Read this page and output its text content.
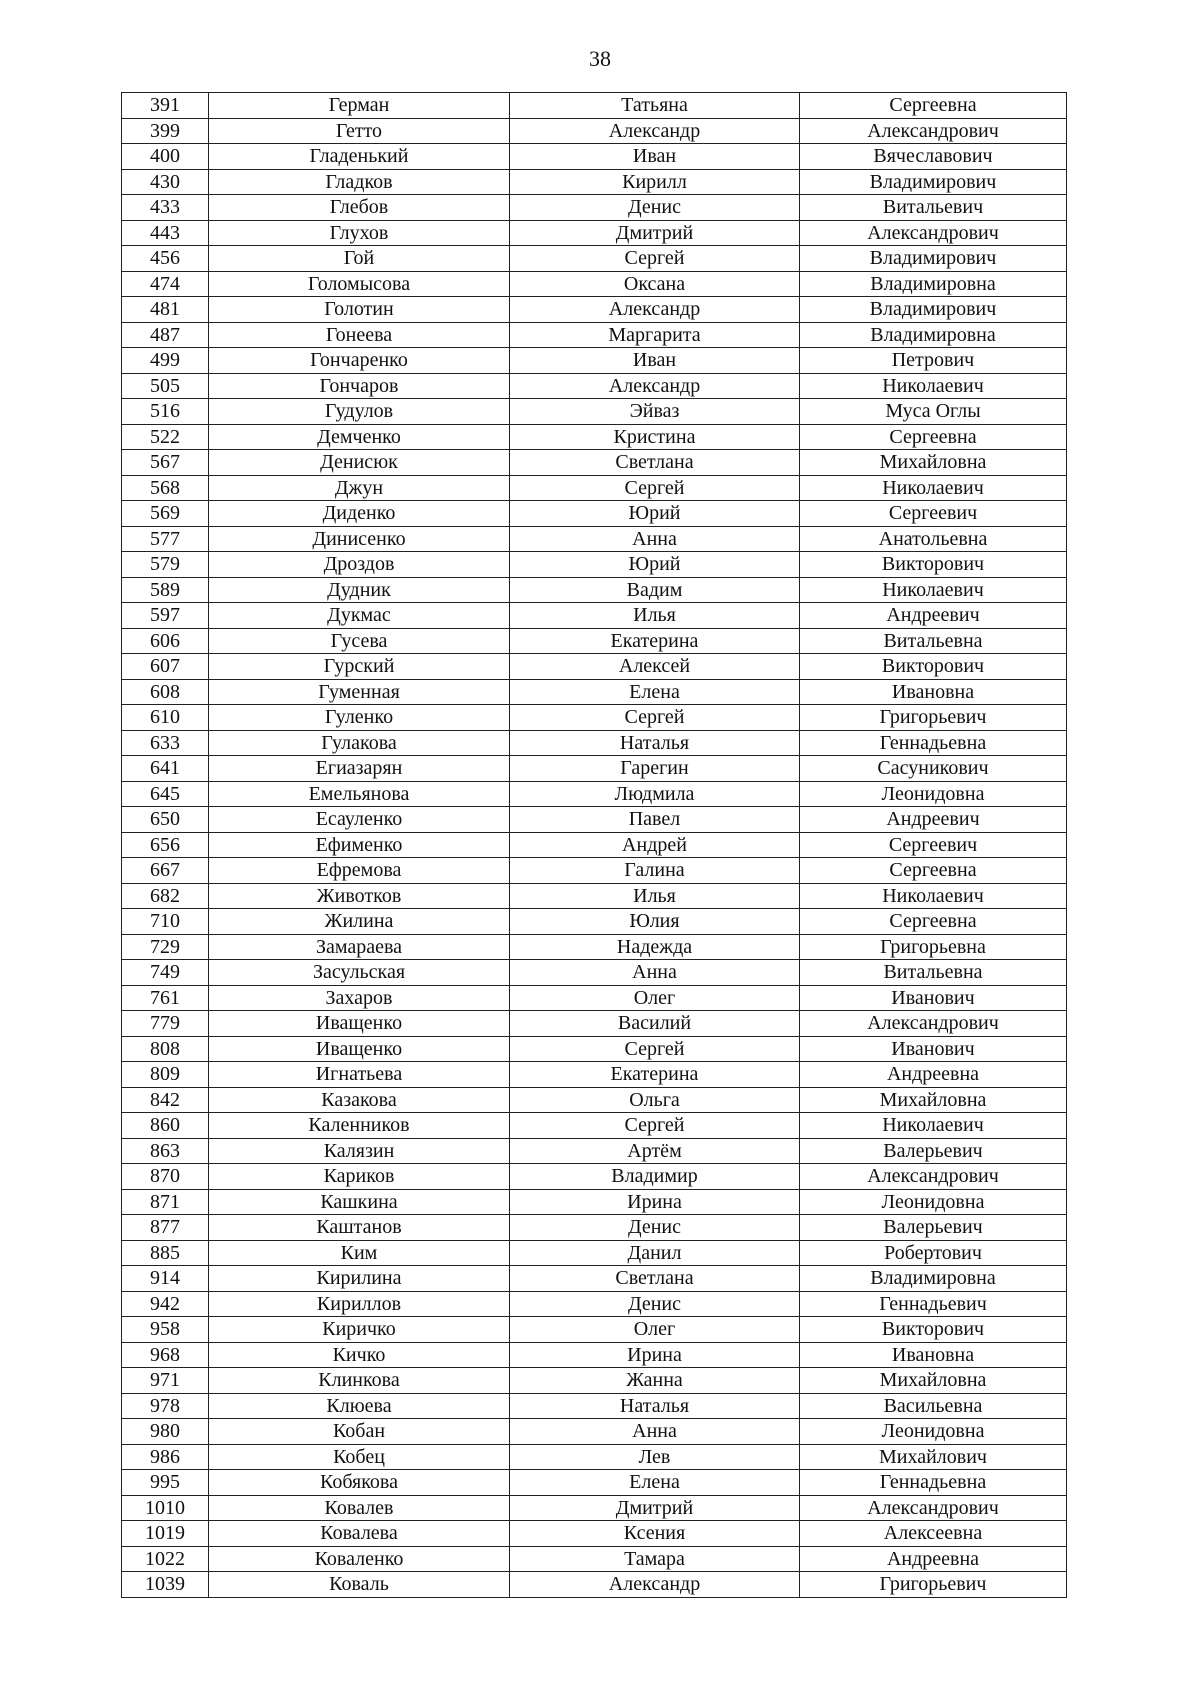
38
391	Герман	Татьяна	Сергеевна
399	Гетто	Александр	Александрович
400	Гладенький	Иван	Вячеславович
430	Гладков	Кирилл	Владимирович
433	Глебов	Денис	Витальевич
443	Глухов	Дмитрий	Александрович
456	Гой	Сергей	Владимирович
474	Голомысова	Оксана	Владимировна
481	Голотин	Александр	Владимирович
487	Гонеева	Маргарита	Владимировна
499	Гончаренко	Иван	Петрович
505	Гончаров	Александр	Николаевич
516	Гудулов	Эйваз	Муса Оглы
522	Демченко	Кристина	Сергеевна
567	Денисюк	Светлана	Михайловна
568	Джун	Сергей	Николаевич
569	Диденко	Юрий	Сергеевич
577	Динисенко	Анна	Анатольевна
579	Дроздов	Юрий	Викторович
589	Дудник	Вадим	Николаевич
597	Дукмас	Илья	Андреевич
606	Гусева	Екатерина	Витальевна
607	Гурский	Алексей	Викторович
608	Гуменная	Елена	Ивановна
610	Гуленко	Сергей	Григорьевич
633	Гулакова	Наталья	Геннадьевна
641	Егиазарян	Гарегин	Сасуникович
645	Емельянова	Людмила	Леонидовна
650	Есауленко	Павел	Андреевич
656	Ефименко	Андрей	Сергеевич
667	Ефремова	Галина	Сергеевна
682	Животков	Илья	Николаевич
710	Жилина	Юлия	Сергеевна
729	Замараева	Надежда	Григорьевна
749	Засульская	Анна	Витальевна
761	Захаров	Олег	Иванович
779	Иващенко	Василий	Александрович
808	Иващенко	Сергей	Иванович
809	Игнатьева	Екатерина	Андреевна
842	Казакова	Ольга	Михайловна
860	Каленников	Сергей	Николаевич
863	Калязин	Артём	Валерьевич
870	Кариков	Владимир	Александрович
871	Кашкина	Ирина	Леонидовна
877	Каштанов	Денис	Валерьевич
885	Ким	Данил	Робертович
914	Кирилина	Светлана	Владимировна
942	Кириллов	Денис	Геннадьевич
958	Киричко	Олег	Викторович
968	Кичко	Ирина	Ивановна
971	Клинкова	Жанна	Михайловна
978	Клюева	Наталья	Васильевна
980	Кобан	Анна	Леонидовна
986	Кобец	Лев	Михайлович
995	Кобякова	Елена	Геннадьевна
1010	Ковалев	Дмитрий	Александрович
1019	Ковалева	Ксения	Алексеевна
1022	Коваленко	Тамара	Андреевна
1039	Коваль	Александр	Григорьевич
